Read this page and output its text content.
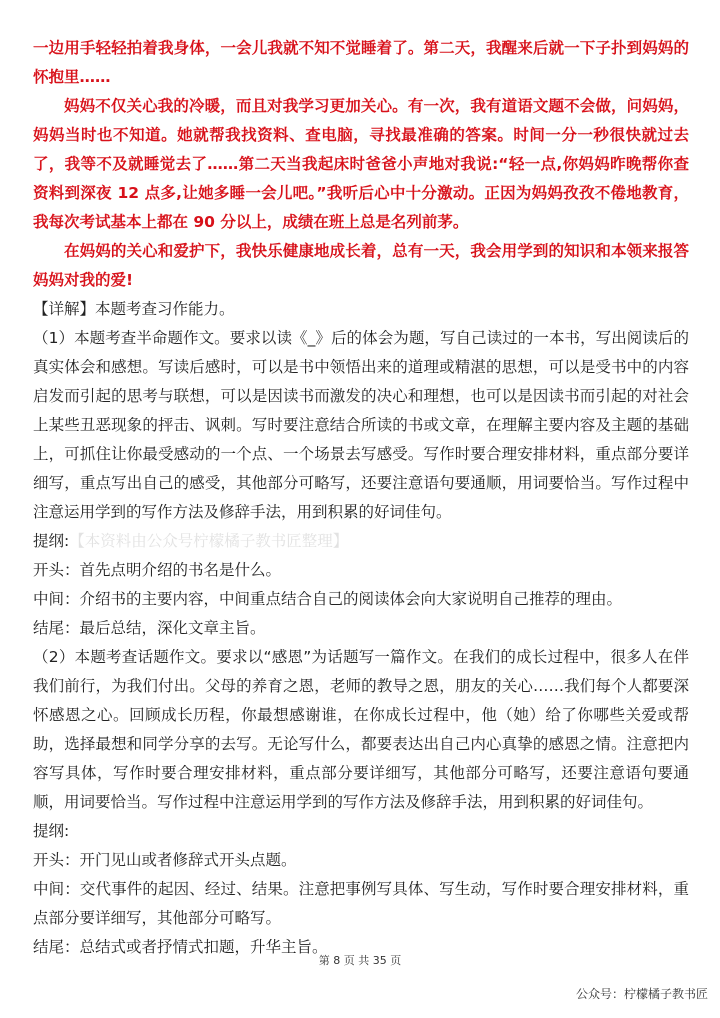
一边用手轻轻拍着我身体，一会儿我就不知不觉睡着了。第二天，我醒来后就一下子扑到妈妈的怀抱里……

妈妈不仅关心我的冷暖，而且对我学习更加关心。有一次，我有道语文题不会做，问妈妈，妈妈当时也不知道。她就帮我找资料、查电脑，寻找最准确的答案。时间一分一秒很快就过去了，我等不及就睡觉去了……第二天当我起床时爸爸小声地对我说:“轻一点,你妈妈昨晚帮你查资料到深夜 12 点多,让她多睡一会儿吧。”我听后心中十分激动。正因为妈妈孜孜不倦地教育，我每次考试基本上都在 90 分以上，成绩在班上总是名列前茅。

在妈妈的关心和爱护下，我快乐健康地成长着，总有一天，我会用学到的知识和本领来报答妈妈对我的爱!

【详解】本题考查习作能力。

（1）本题考查半命题作文。要求以读《_》后的体会为题，写自己读过的一本书，写出阅读后的真实体会和感想。写读后感时，可以是书中领悟出来的道理或精湛的思想，可以是受书中的内容启发而引起的思考与联想，可以是因读书而激发的决心和理想，也可以是因读书而引起的对社会上某些丑恶现象的抨击、讽刺。写时要注意结合所读的书或文章，在理解主要内容及主题的基础上，可抓住让你最受感动的一个点、一个场景去写感受。写作时要合理安排材料，重点部分要详细写，重点写出自己的感受，其他部分可略写，还要注意语句要通顺，用词要恰当。写作过程中注意运用学到的写作方法及修辞手法，用到积累的好词佳句。

提纲:【本资料由公众号柠檬橘子教书匠整理】

开头：首先点明介绍的书名是什么。

中间：介绍书的主要内容，中间重点结合自己的阅读体会向大家说明自己推荐的理由。

结尾：最后总结，深化文章主旨。

（2）本题考查话题作文。要求以“感恩”为话题写一篇作文。在我们的成长过程中，很多人在伴我们前行，为我们付出。父母的养育之恩，老师的教导之恩，朋友的关心……我们每个人都要深怀感恩之心。回顾成长历程，你最想感谢谁，在你成长过程中，他（她）给了你哪些关爱或帮助，选择最想和同学分享的去写。无论写什么，都要表达出自己内心真挚的感恩之情。注意把内容写具体，写作时要合理安排材料，重点部分要详细写，其他部分可略写，还要注意语句要通顺，用词要恰当。写作过程中注意运用学到的写作方法及修辞手法，用到积累的好词佳句。

提纲:

开头：开门见山或者修辞式开头点题。

中间：交代事件的起因、经过、结果。注意把事例写具体、写生动，写作时要合理安排材料，重点部分要详细写，其他部分可略写。

结尾：总结式或者抒情式扣题，升华主旨。

第 8 页 共 35 页
公众号：柠檬橘子教书匠
